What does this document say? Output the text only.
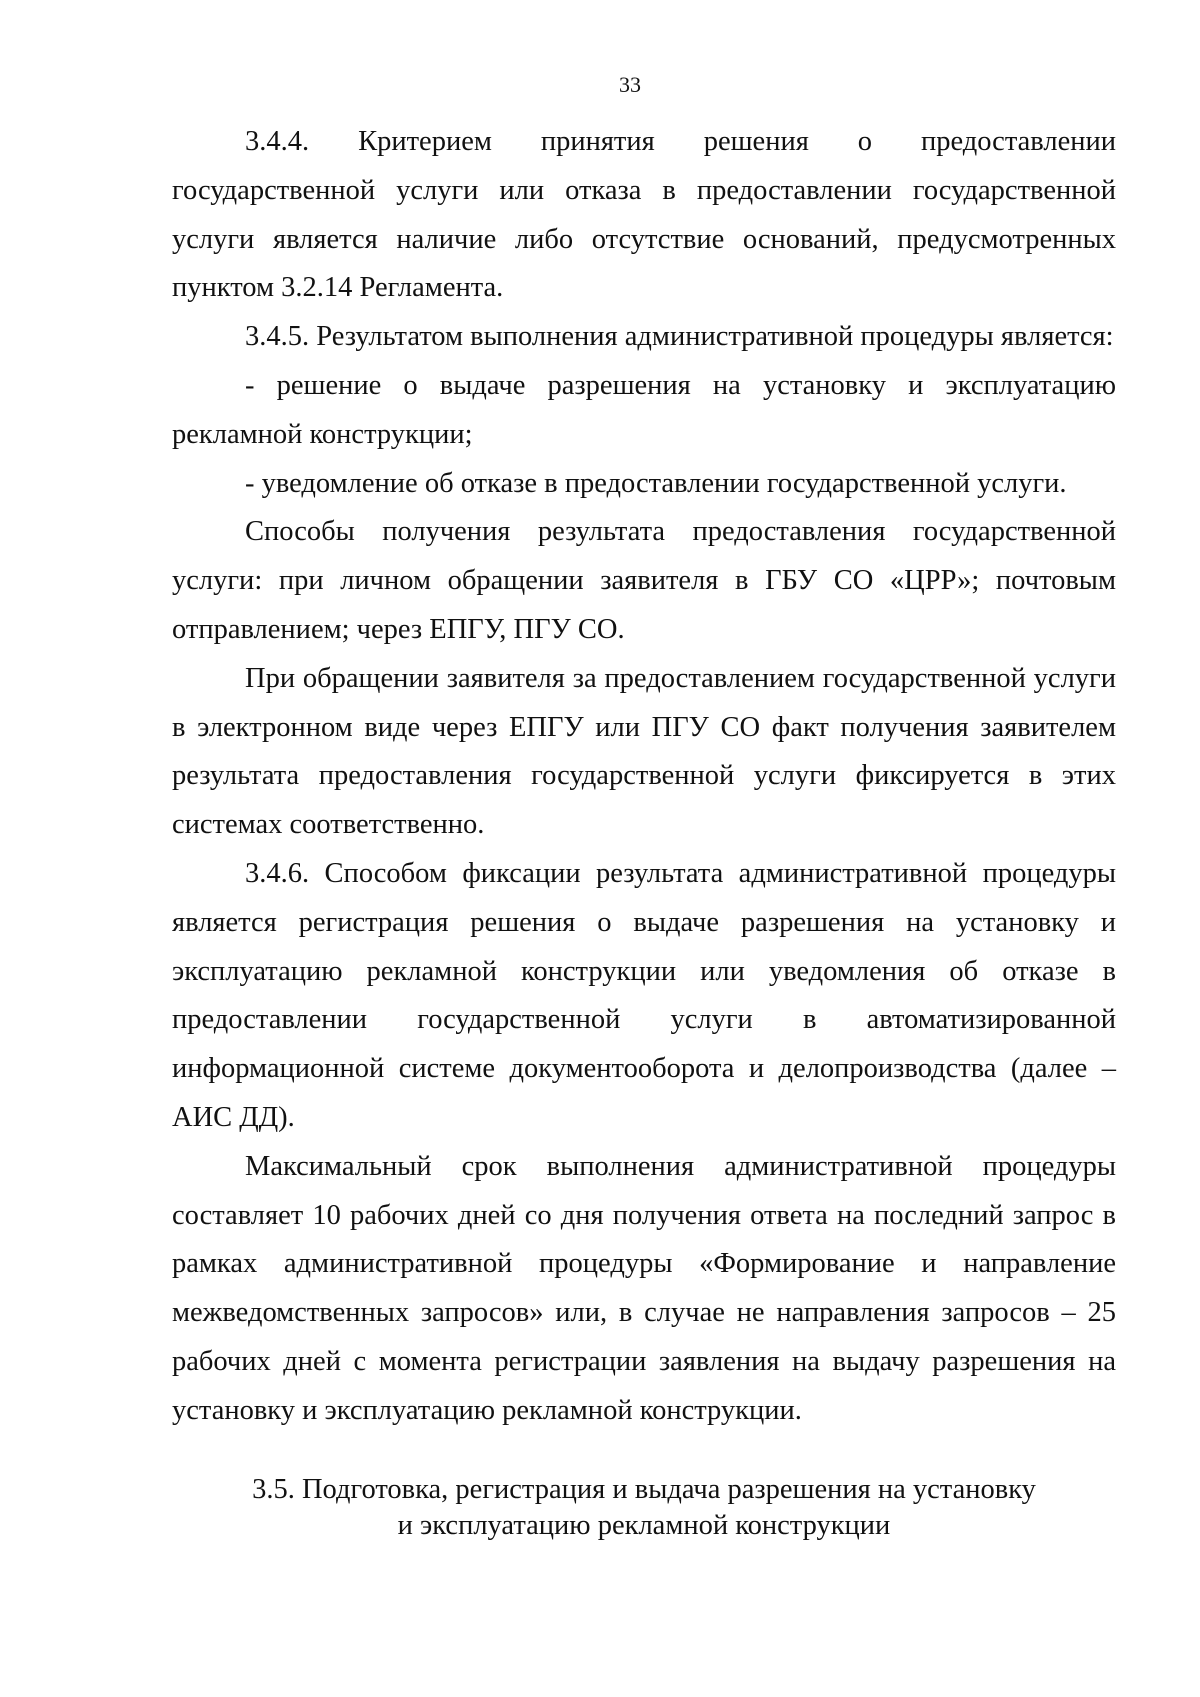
33

3.4.4. Критерием принятия решения о предоставлении государственной услуги или отказа в предоставлении государственной услуги является наличие либо отсутствие оснований, предусмотренных пунктом 3.2.14 Регламента.

3.4.5. Результатом выполнения административной процедуры является:

- решение о выдаче разрешения на установку и эксплуатацию рекламной конструкции;

- уведомление об отказе в предоставлении государственной услуги.

Способы получения результата предоставления государственной услуги: при личном обращении заявителя в ГБУ СО «ЦРР»; почтовым отправлением; через ЕПГУ, ПГУ СО.

При обращении заявителя за предоставлением государственной услуги в электронном виде через ЕПГУ или ПГУ СО факт получения заявителем результата предоставления государственной услуги фиксируется в этих системах соответственно.

3.4.6. Способом фиксации результата административной процедуры является регистрация решения о выдаче разрешения на установку и эксплуатацию рекламной конструкции или уведомления об отказе в предоставлении государственной услуги в автоматизированной информационной системе документооборота и делопроизводства (далее – АИС ДД).

Максимальный срок выполнения административной процедуры составляет 10 рабочих дней со дня получения ответа на последний запрос в рамках административной процедуры «Формирование и направление межведомственных запросов» или, в случае не направления запросов – 25 рабочих дней с момента регистрации заявления на выдачу разрешения на установку и эксплуатацию рекламной конструкции.

3.5. Подготовка, регистрация и выдача разрешения на установку
и эксплуатацию рекламной конструкции
